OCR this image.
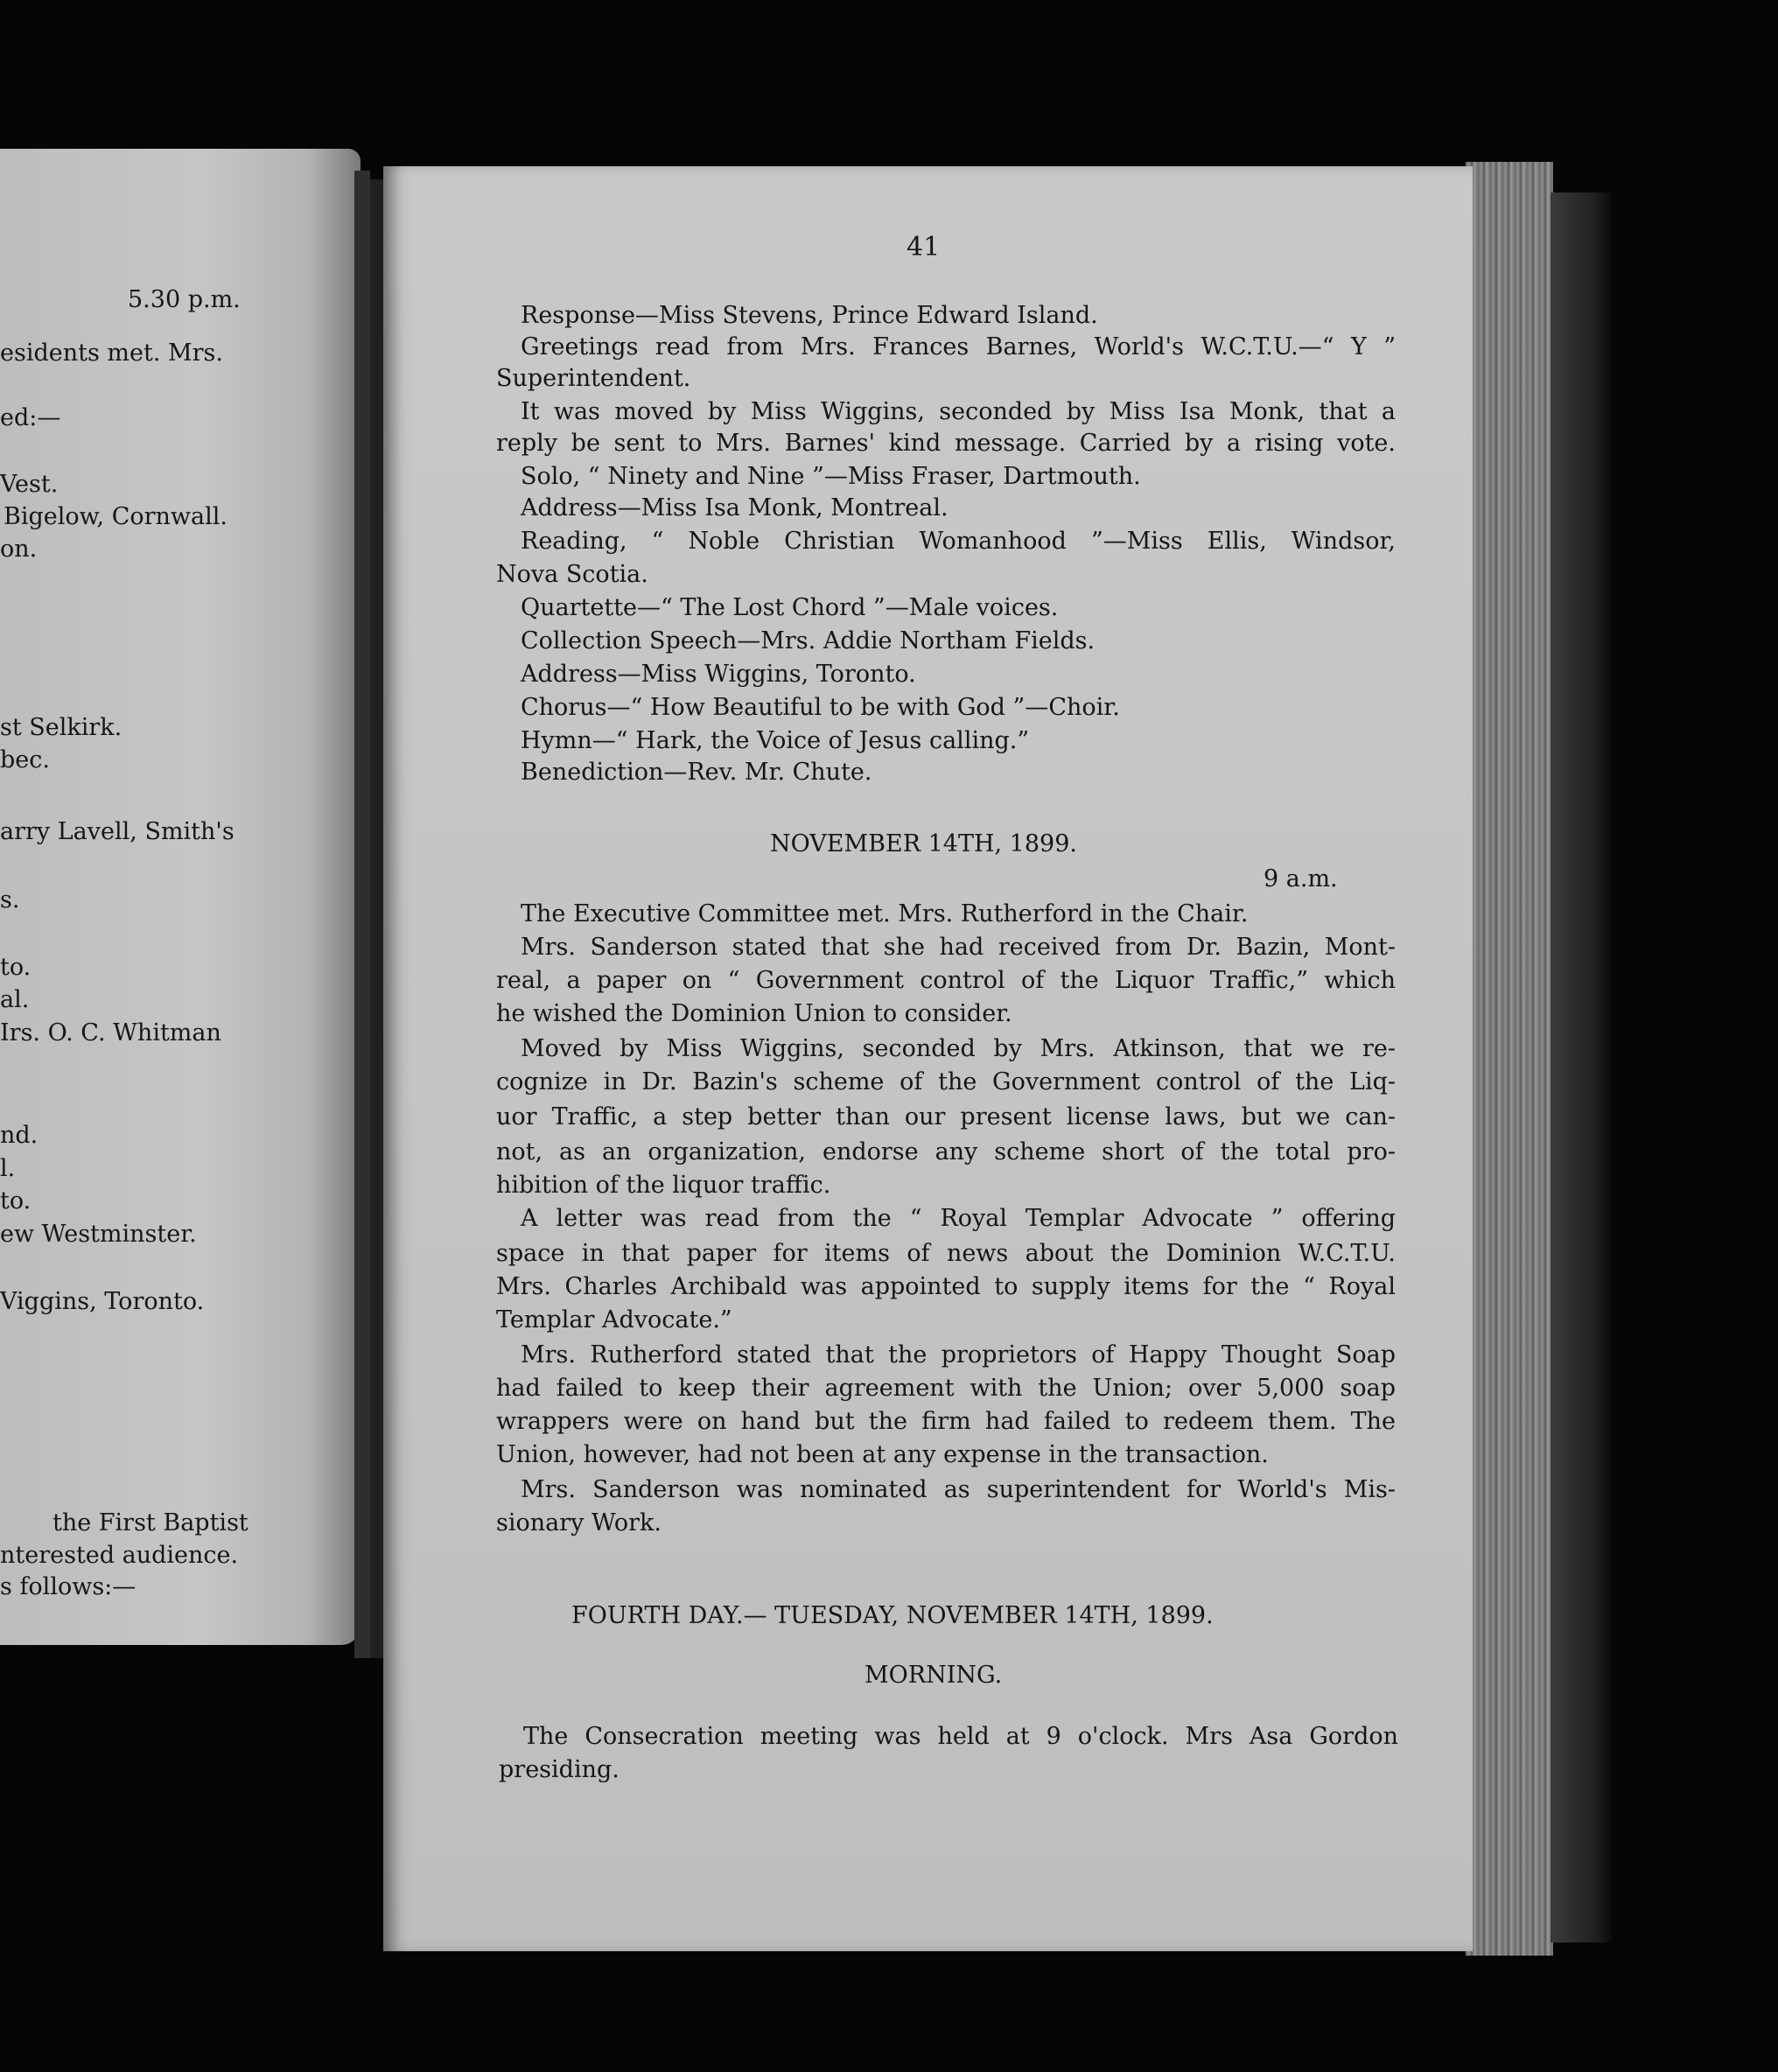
5.30 p.m.
esidents met. Mrs.
ed:—
Vest.
Bigelow, Cornwall.
on.
st Selkirk.
bec.
arry Lavell, Smith's
s.
to.
al.
Irs. O. C. Whitman
nd.
l.
to.
ew Westminster.
Viggins, Toronto.
the First Baptist
nterested audience.
s follows:—
41
Response—Miss Stevens, Prince Edward Island.
Greetings read from Mrs. Frances Barnes, World's W.C.T.U.—“ Y ”
Superintendent.
It was moved by Miss Wiggins, seconded by Miss Isa Monk, that a
reply be sent to Mrs. Barnes' kind message. Carried by a rising vote.
Solo, “ Ninety and Nine ”—Miss Fraser, Dartmouth.
Address—Miss Isa Monk, Montreal.
Reading, “ Noble Christian Womanhood ”—Miss Ellis, Windsor,
Nova Scotia.
Quartette—“ The Lost Chord ”—Male voices.
Collection Speech—Mrs. Addie Northam Fields.
Address—Miss Wiggins, Toronto.
Chorus—“ How Beautiful to be with God ”—Choir.
Hymn—“ Hark, the Voice of Jesus calling.”
Benediction—Rev. Mr. Chute.
NOVEMBER 14TH, 1899.
9 a.m.
The Executive Committee met. Mrs. Rutherford in the Chair.
Mrs. Sanderson stated that she had received from Dr. Bazin, Mont-
real, a paper on “ Government control of the Liquor Traffic,” which
he wished the Dominion Union to consider.
Moved by Miss Wiggins, seconded by Mrs. Atkinson, that we re-
cognize in Dr. Bazin's scheme of the Government control of the Liq-
uor Traffic, a step better than our present license laws, but we can-
not, as an organization, endorse any scheme short of the total pro-
hibition of the liquor traffic.
A letter was read from the “ Royal Templar Advocate ” offering
space in that paper for items of news about the Dominion W.C.T.U.
Mrs. Charles Archibald was appointed to supply items for the “ Royal
Templar Advocate.”
Mrs. Rutherford stated that the proprietors of Happy Thought Soap
had failed to keep their agreement with the Union; over 5,000 soap
wrappers were on hand but the firm had failed to redeem them. The
Union, however, had not been at any expense in the transaction.
Mrs. Sanderson was nominated as superintendent for World's Mis-
sionary Work.
FOURTH DAY.— TUESDAY, NOVEMBER 14TH, 1899.
MORNING.
The Consecration meeting was held at 9 o'clock. Mrs Asa Gordon
presiding.
